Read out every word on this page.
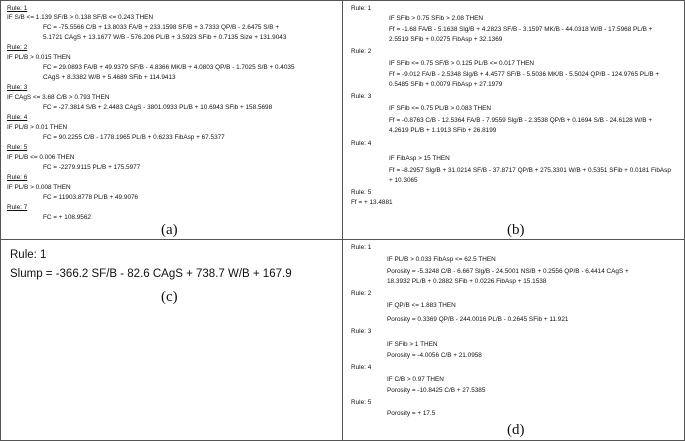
Rule: 1
IF S/B <= 1.139 SF/B > 0.138 SF/B <= 0.243 THEN
FC = -75.5566 C/B + 13.8033 FA/B + 233.1598 SF/B + 3.7333 QP/B - 2.6475 S/B +
5.1721 CAgS + 13.1677 W/B - 576.206 PL/B + 3.5923 SFib + 0.7135 Size + 131.9043
Rule: 2
IF PL/B > 0.015 THEN
FC = 29.0893 FA/B + 49.9379 SF/B - 4.8366 MK/B + 4.0803 QP/B - 1.7025 S/B + 0.4035
CAgS + 8.3382 W/B + 5.4689 SFib + 114.9413
Rule: 3
IF CAgS <= 3.68 C/B > 0.793 THEN
FC = -27.3814 S/B + 2.4483 CAgS - 3801.0933 PL/B + 10.6943 SFib + 158.5698
Rule: 4
IF PL/B > 0.01 THEN
FC = 90.2255 C/B - 1778.1965 PL/B + 0.6233 FibAsp + 67.5377
Rule: 5
IF PL/B <= 0.006 THEN
FC = -2279.9115 PL/B + 175.5977
Rule: 6
IF PL/B > 0.008 THEN
FC = 11903.8778 PL/B + 49.9076
Rule: 7
FC = + 108.9562
(a)
Rule: 1
IF SFib > 0.75 SFib > 2.08 THEN
Ff = -1.68 FA/B - 5.1638 Slg/B + 4.2823 SF/B - 3.1597 MK/B - 44.0318 W/B - 17.5968 PL/B +
2.5519 SFib + 0.0275 FibAsp + 32.1369
Rule: 2
IF SFib <= 0.75 SF/B > 0.125 PL/B <= 0.017 THEN
Ff = -9.012 FA/B - 2.5348 Slg/B + 4.4577 SF/B - 5.5036 MK/B - 5.5024 QP/B - 124.9765 PL/B +
0.5485 SFib + 0.0079 FibAsp + 27.1979
Rule: 3
IF SFib <= 0.75 PL/B > 0.083 THEN
Ff = -0.8763 C/B - 12.5364 FA/B - 7.9559 Slg/B - 2.3538 QP/B + 0.1694 S/B - 24.6128 W/B +
4.2619 PL/B + 1.1913 SFib + 26.8199
Rule: 4
IF FibAsp > 15 THEN
Ff = -8.2957 Slg/B + 31.0214 SF/B - 37.8717 QP/B + 275.3301 W/B + 0.5351 SFib + 0.0181 FibAsp
+ 10.3065
Rule: 5
Ff = + 13.4881
(b)
Rule: 1
Slump = -366.2 SF/B - 82.6 CAgS + 738.7 W/B + 167.9
(c)
Rule: 1
IF PL/B > 0.033 FibAsp <= 62.5 THEN
Porosity = -5.3248 C/B - 6.667 Slg/B - 24.5001 NS/B + 0.2556 QP/B - 6.4414 CAgS +
18.3932 PL/B + 0.2882 SFib + 0.0226 FibAsp + 15.1538
Rule: 2
IF QP/B <= 1.883 THEN
Porosity = 0.3369 QP/B - 244.0016 PL/B - 0.2645 SFib + 11.921
Rule: 3
IF SFib > 1 THEN
Porosity = -4.0056 C/B + 21.0958
Rule: 4
IF C/B > 0.97 THEN
Porosity = -10.8425 C/B + 27.5385
Rule: 5
Porosity = + 17.5
(d)
